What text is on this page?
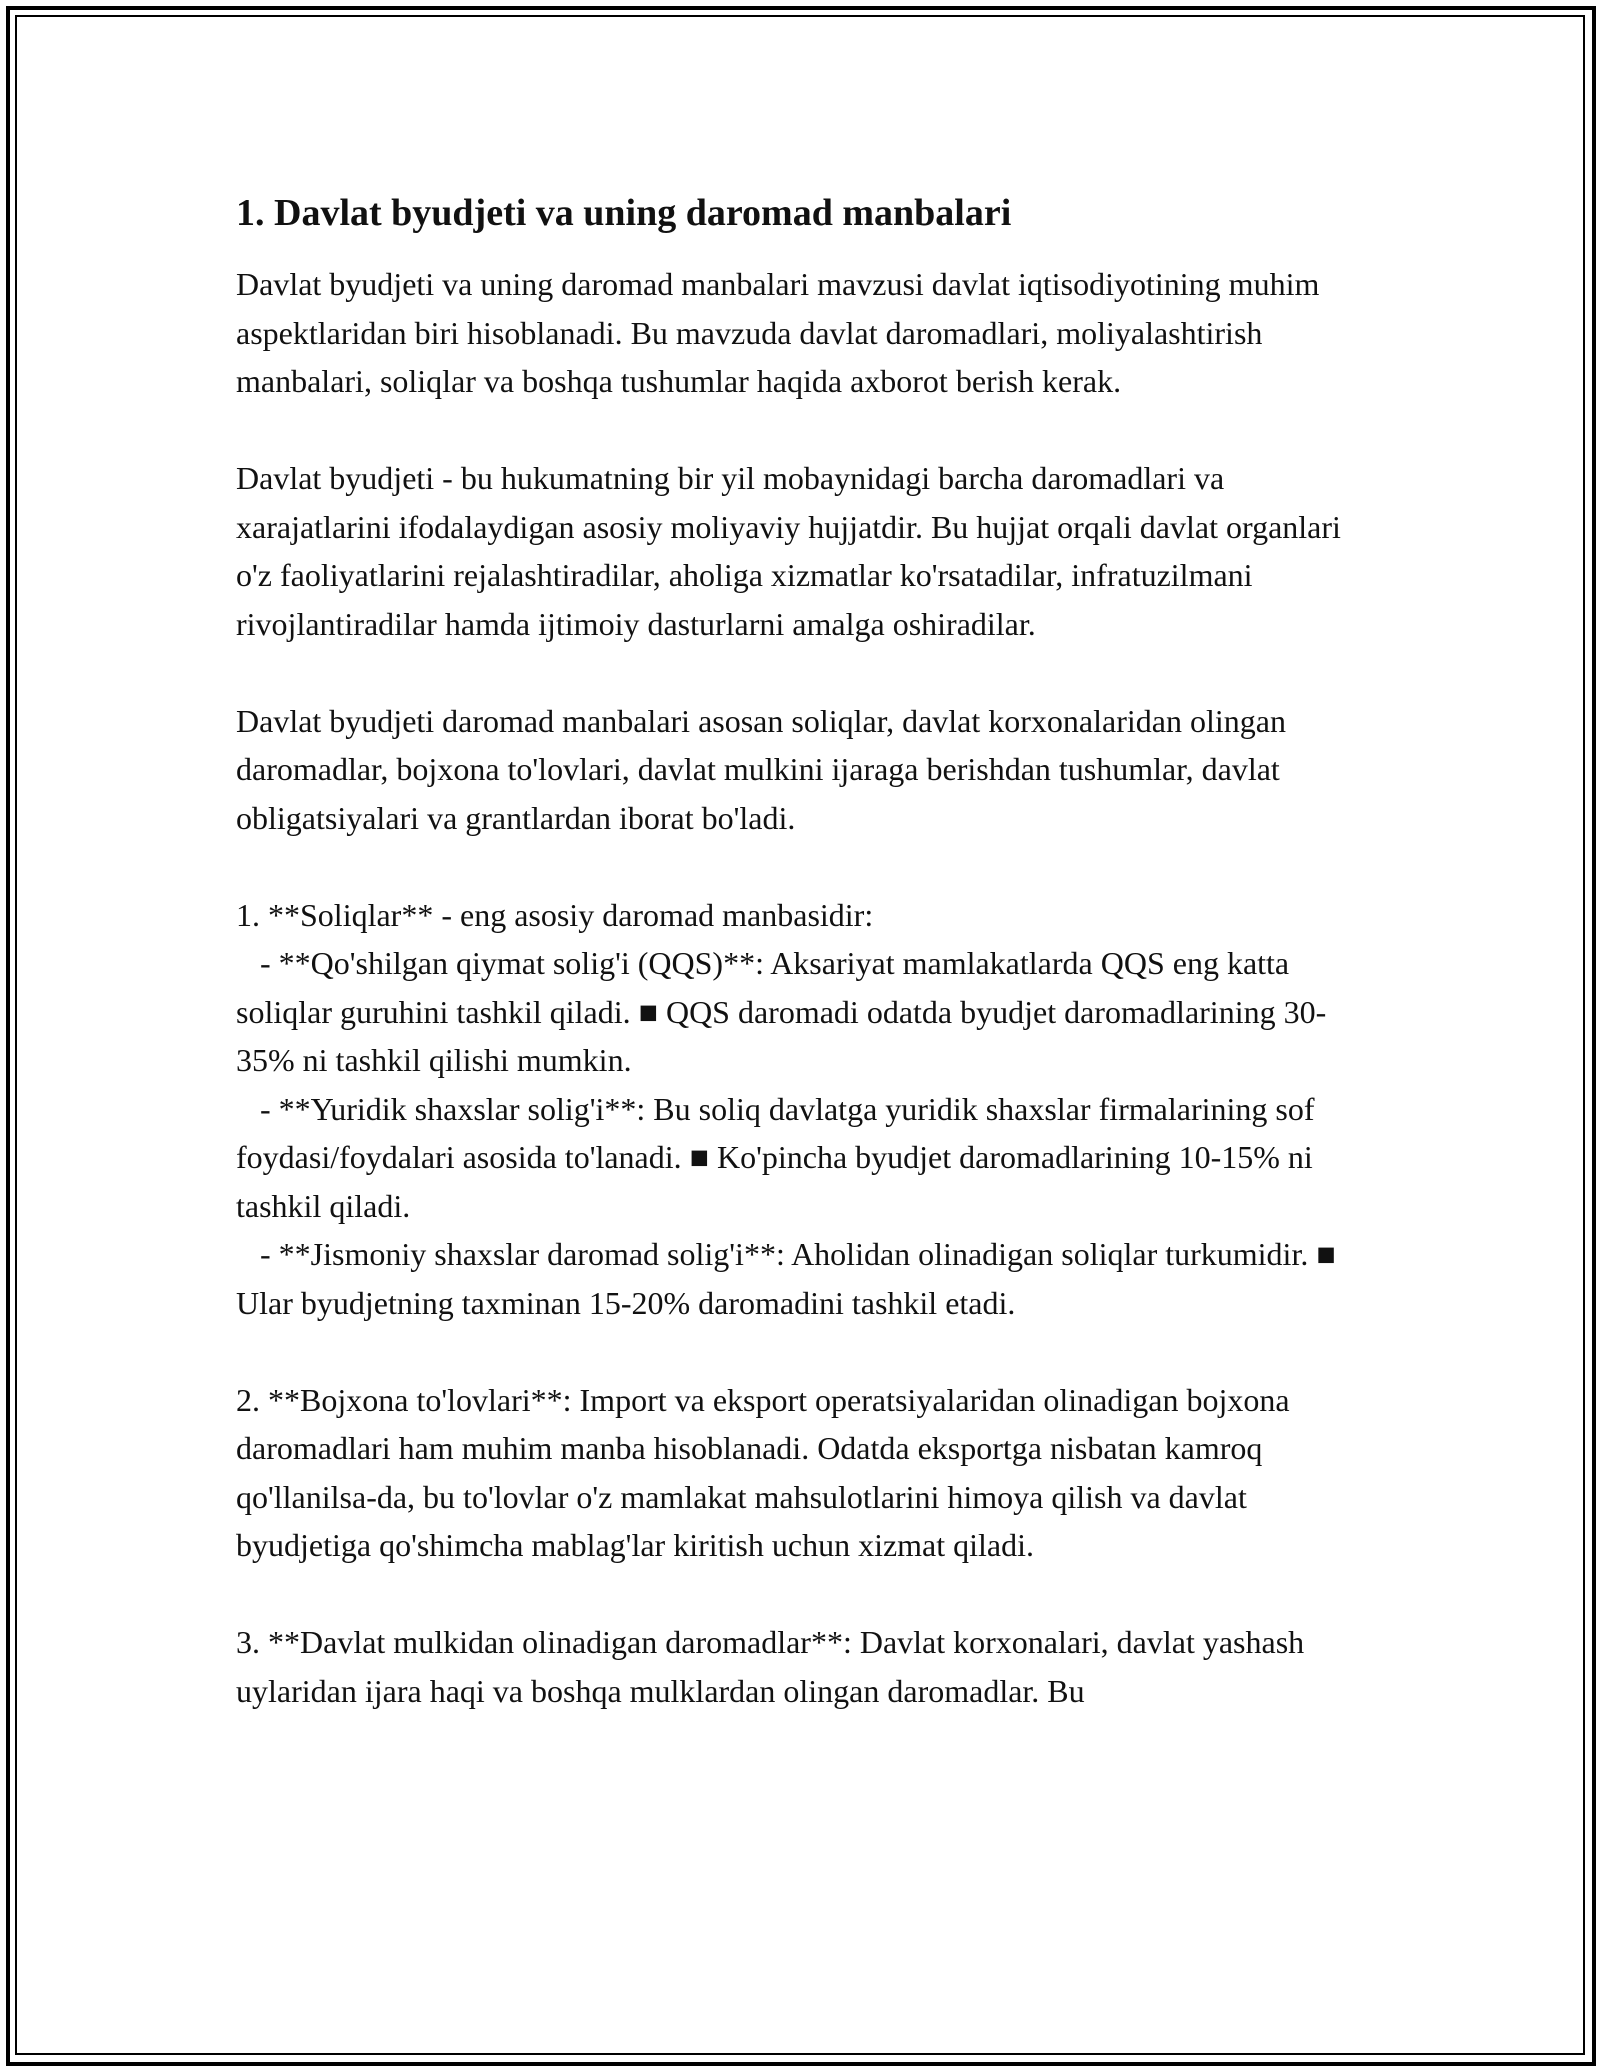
1. Davlat byudjeti va uning daromad manbalari

Davlat byudjeti va uning daromad manbalari mavzusi davlat iqtisodiyotining muhim aspektlaridan biri hisoblanadi. Bu mavzuda davlat daromadlari, moliyalashtirish manbalari, soliqlar va boshqa tushumlar haqida axborot berish kerak.

Davlat byudjeti - bu hukumatning bir yil mobaynidagi barcha daromadlari va xarajatlarini ifodalaydigan asosiy moliyaviy hujjatdir. Bu hujjat orqali davlat organlari o'z faoliyatlarini rejalashtiradilar, aholiga xizmatlar ko'rsatadilar, infratuzilmani rivojlantiradilar hamda ijtimoiy dasturlarni amalga oshiradilar.

Davlat byudjeti daromad manbalari asosan soliqlar, davlat korxonalaridan olingan daromadlar, bojxona to'lovlari, davlat mulkini ijaraga berishdan tushumlar, davlat obligatsiyalari va grantlardan iborat bo'ladi.

1. **Soliqlar** - eng asosiy daromad manbasidir:
- **Qo'shilgan qiymat solig'i (QQS)**: Aksariyat mamlakatlarda QQS eng katta soliqlar guruhini tashkil qiladi. ■ QQS daromadi odatda byudjet daromadlarining 30-35% ni tashkil qilishi mumkin.
- **Yuridik shaxslar solig'i**: Bu soliq davlatga yuridik shaxslar firmalarining sof foydasi/foydalari asosida to'lanadi. ■ Ko'pincha byudjet daromadlarining 10-15% ni tashkil qiladi.
- **Jismoniy shaxslar daromad solig'i**: Aholidan olinadigan soliqlar turkumidir. ■ Ular byudjetning taxminan 15-20% daromadini tashkil etadi.

2. **Bojxona to'lovlari**: Import va eksport operatsiyalaridan olinadigan bojxona daromadlari ham muhim manba hisoblanadi. Odatda eksportga nisbatan kamroq qo'llanilsa-da, bu to'lovlar o'z mamlakat mahsulotlarini himoya qilish va davlat byudjetiga qo'shimcha mablag'lar kiritish uchun xizmat qiladi.

3. **Davlat mulkidan olinadigan daromadlar**: Davlat korxonalari, davlat yashash uylaridan ijara haqi va boshqa mulklardan olingan daromadlar. Bu
